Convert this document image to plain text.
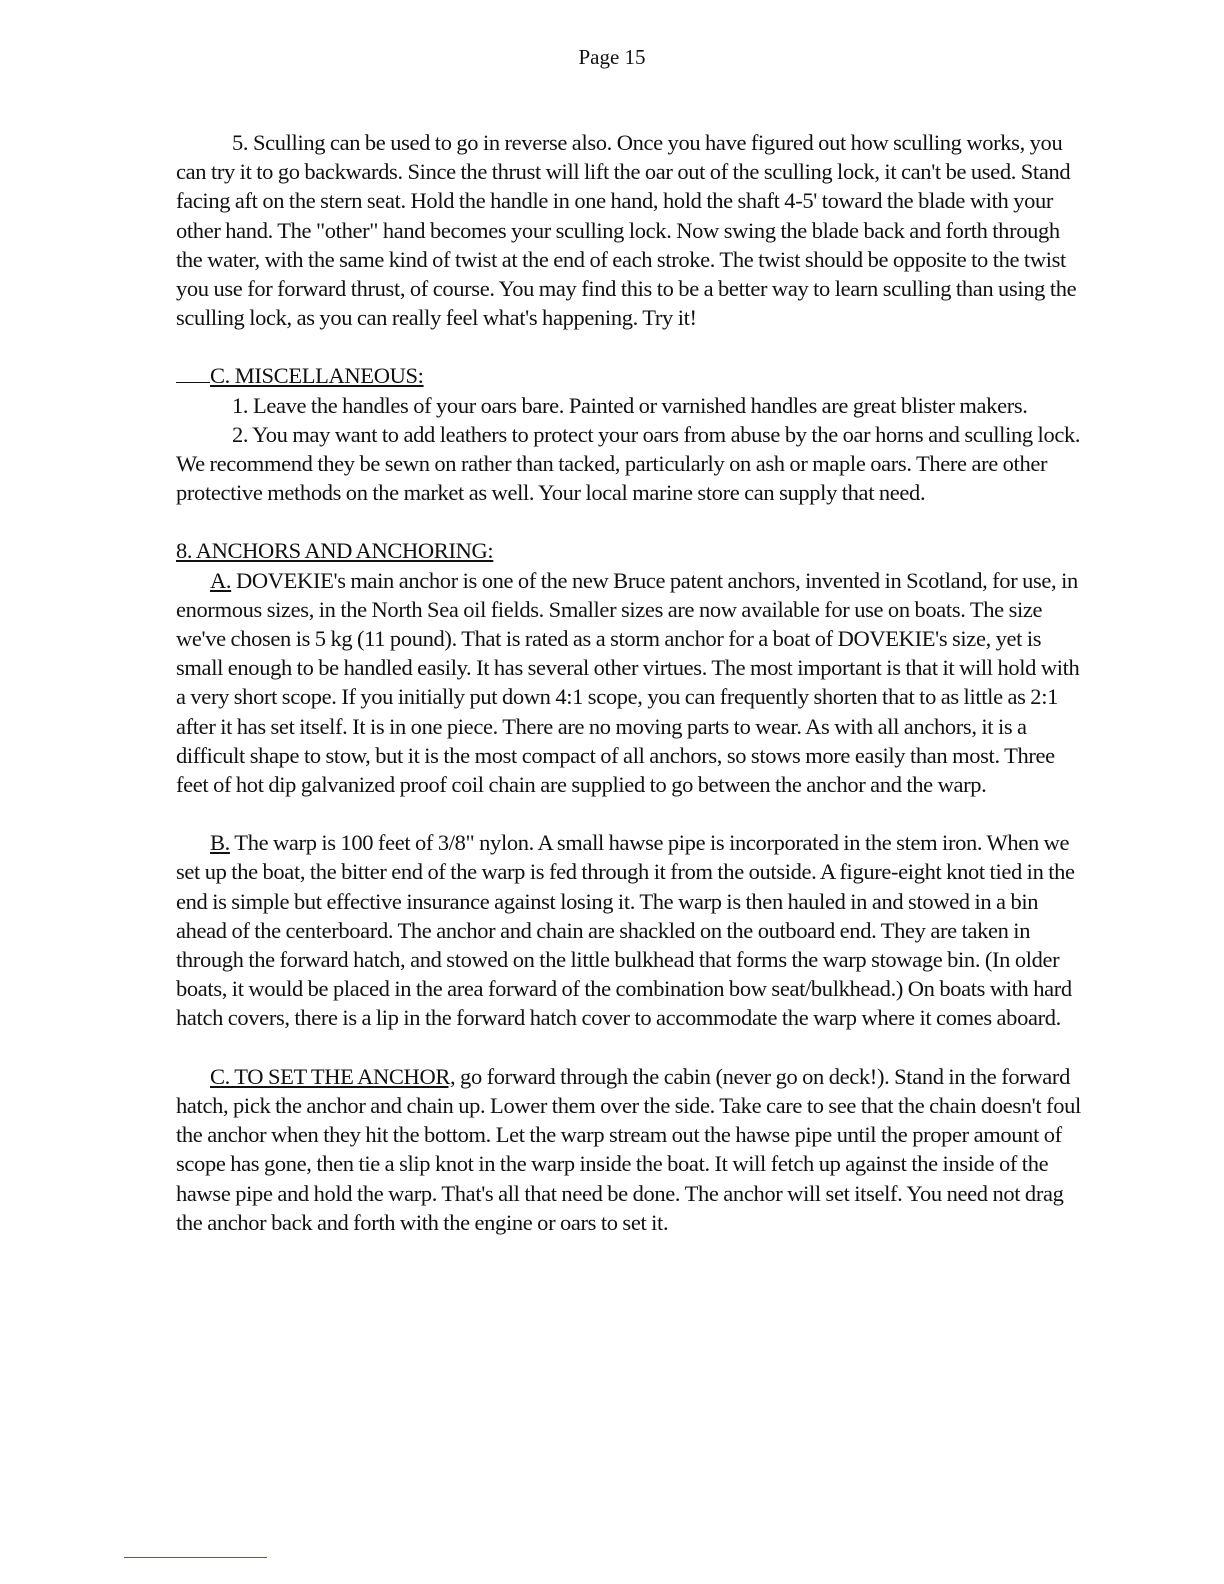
Page 15

5. Sculling can be used to go in reverse also. Once you have figured out how sculling works, you can try it to go backwards. Since the thrust will lift the oar out of the sculling lock, it can't be used. Stand facing aft on the stern seat. Hold the handle in one hand, hold the shaft 4-5' toward the blade with your other hand. The "other" hand becomes your sculling lock. Now swing the blade back and forth through the water, with the same kind of twist at the end of each stroke. The twist should be opposite to the twist you use for forward thrust, of course. You may find this to be a better way to learn sculling than using the sculling lock, as you can really feel what's happening. Try it!

C. MISCELLANEOUS:

1. Leave the handles of your oars bare. Painted or varnished handles are great blister makers.

2. You may want to add leathers to protect your oars from abuse by the oar horns and sculling lock. We recommend they be sewn on rather than tacked, particularly on ash or maple oars. There are other protective methods on the market as well. Your local marine store can supply that need.

8. ANCHORS AND ANCHORING:

A. DOVEKIE's main anchor is one of the new Bruce patent anchors, invented in Scotland, for use, in enormous sizes, in the North Sea oil fields. Smaller sizes are now available for use on boats. The size we've chosen is 5 kg (11 pound). That is rated as a storm anchor for a boat of DOVEKIE's size, yet is small enough to be handled easily. It has several other virtues. The most important is that it will hold with a very short scope. If you initially put down 4:1 scope, you can frequently shorten that to as little as 2:1 after it has set itself. It is in one piece. There are no moving parts to wear. As with all anchors, it is a difficult shape to stow, but it is the most compact of all anchors, so stows more easily than most. Three feet of hot dip galvanized proof coil chain are supplied to go between the anchor and the warp.

B. The warp is 100 feet of 3/8" nylon. A small hawse pipe is incorporated in the stem iron. When we set up the boat, the bitter end of the warp is fed through it from the outside. A figure-eight knot tied in the end is simple but effective insurance against losing it. The warp is then hauled in and stowed in a bin ahead of the centerboard. The anchor and chain are shackled on the outboard end. They are taken in through the forward hatch, and stowed on the little bulkhead that forms the warp stowage bin. (In older boats, it would be placed in the area forward of the combination bow seat/bulkhead.) On boats with hard hatch covers, there is a lip in the forward hatch cover to accommodate the warp where it comes aboard.

C. TO SET THE ANCHOR, go forward through the cabin (never go on deck!). Stand in the forward hatch, pick the anchor and chain up. Lower them over the side. Take care to see that the chain doesn't foul the anchor when they hit the bottom. Let the warp stream out the hawse pipe until the proper amount of scope has gone, then tie a slip knot in the warp inside the boat. It will fetch up against the inside of the hawse pipe and hold the warp. That's all that need be done. The anchor will set itself. You need not drag the anchor back and forth with the engine or oars to set it.
